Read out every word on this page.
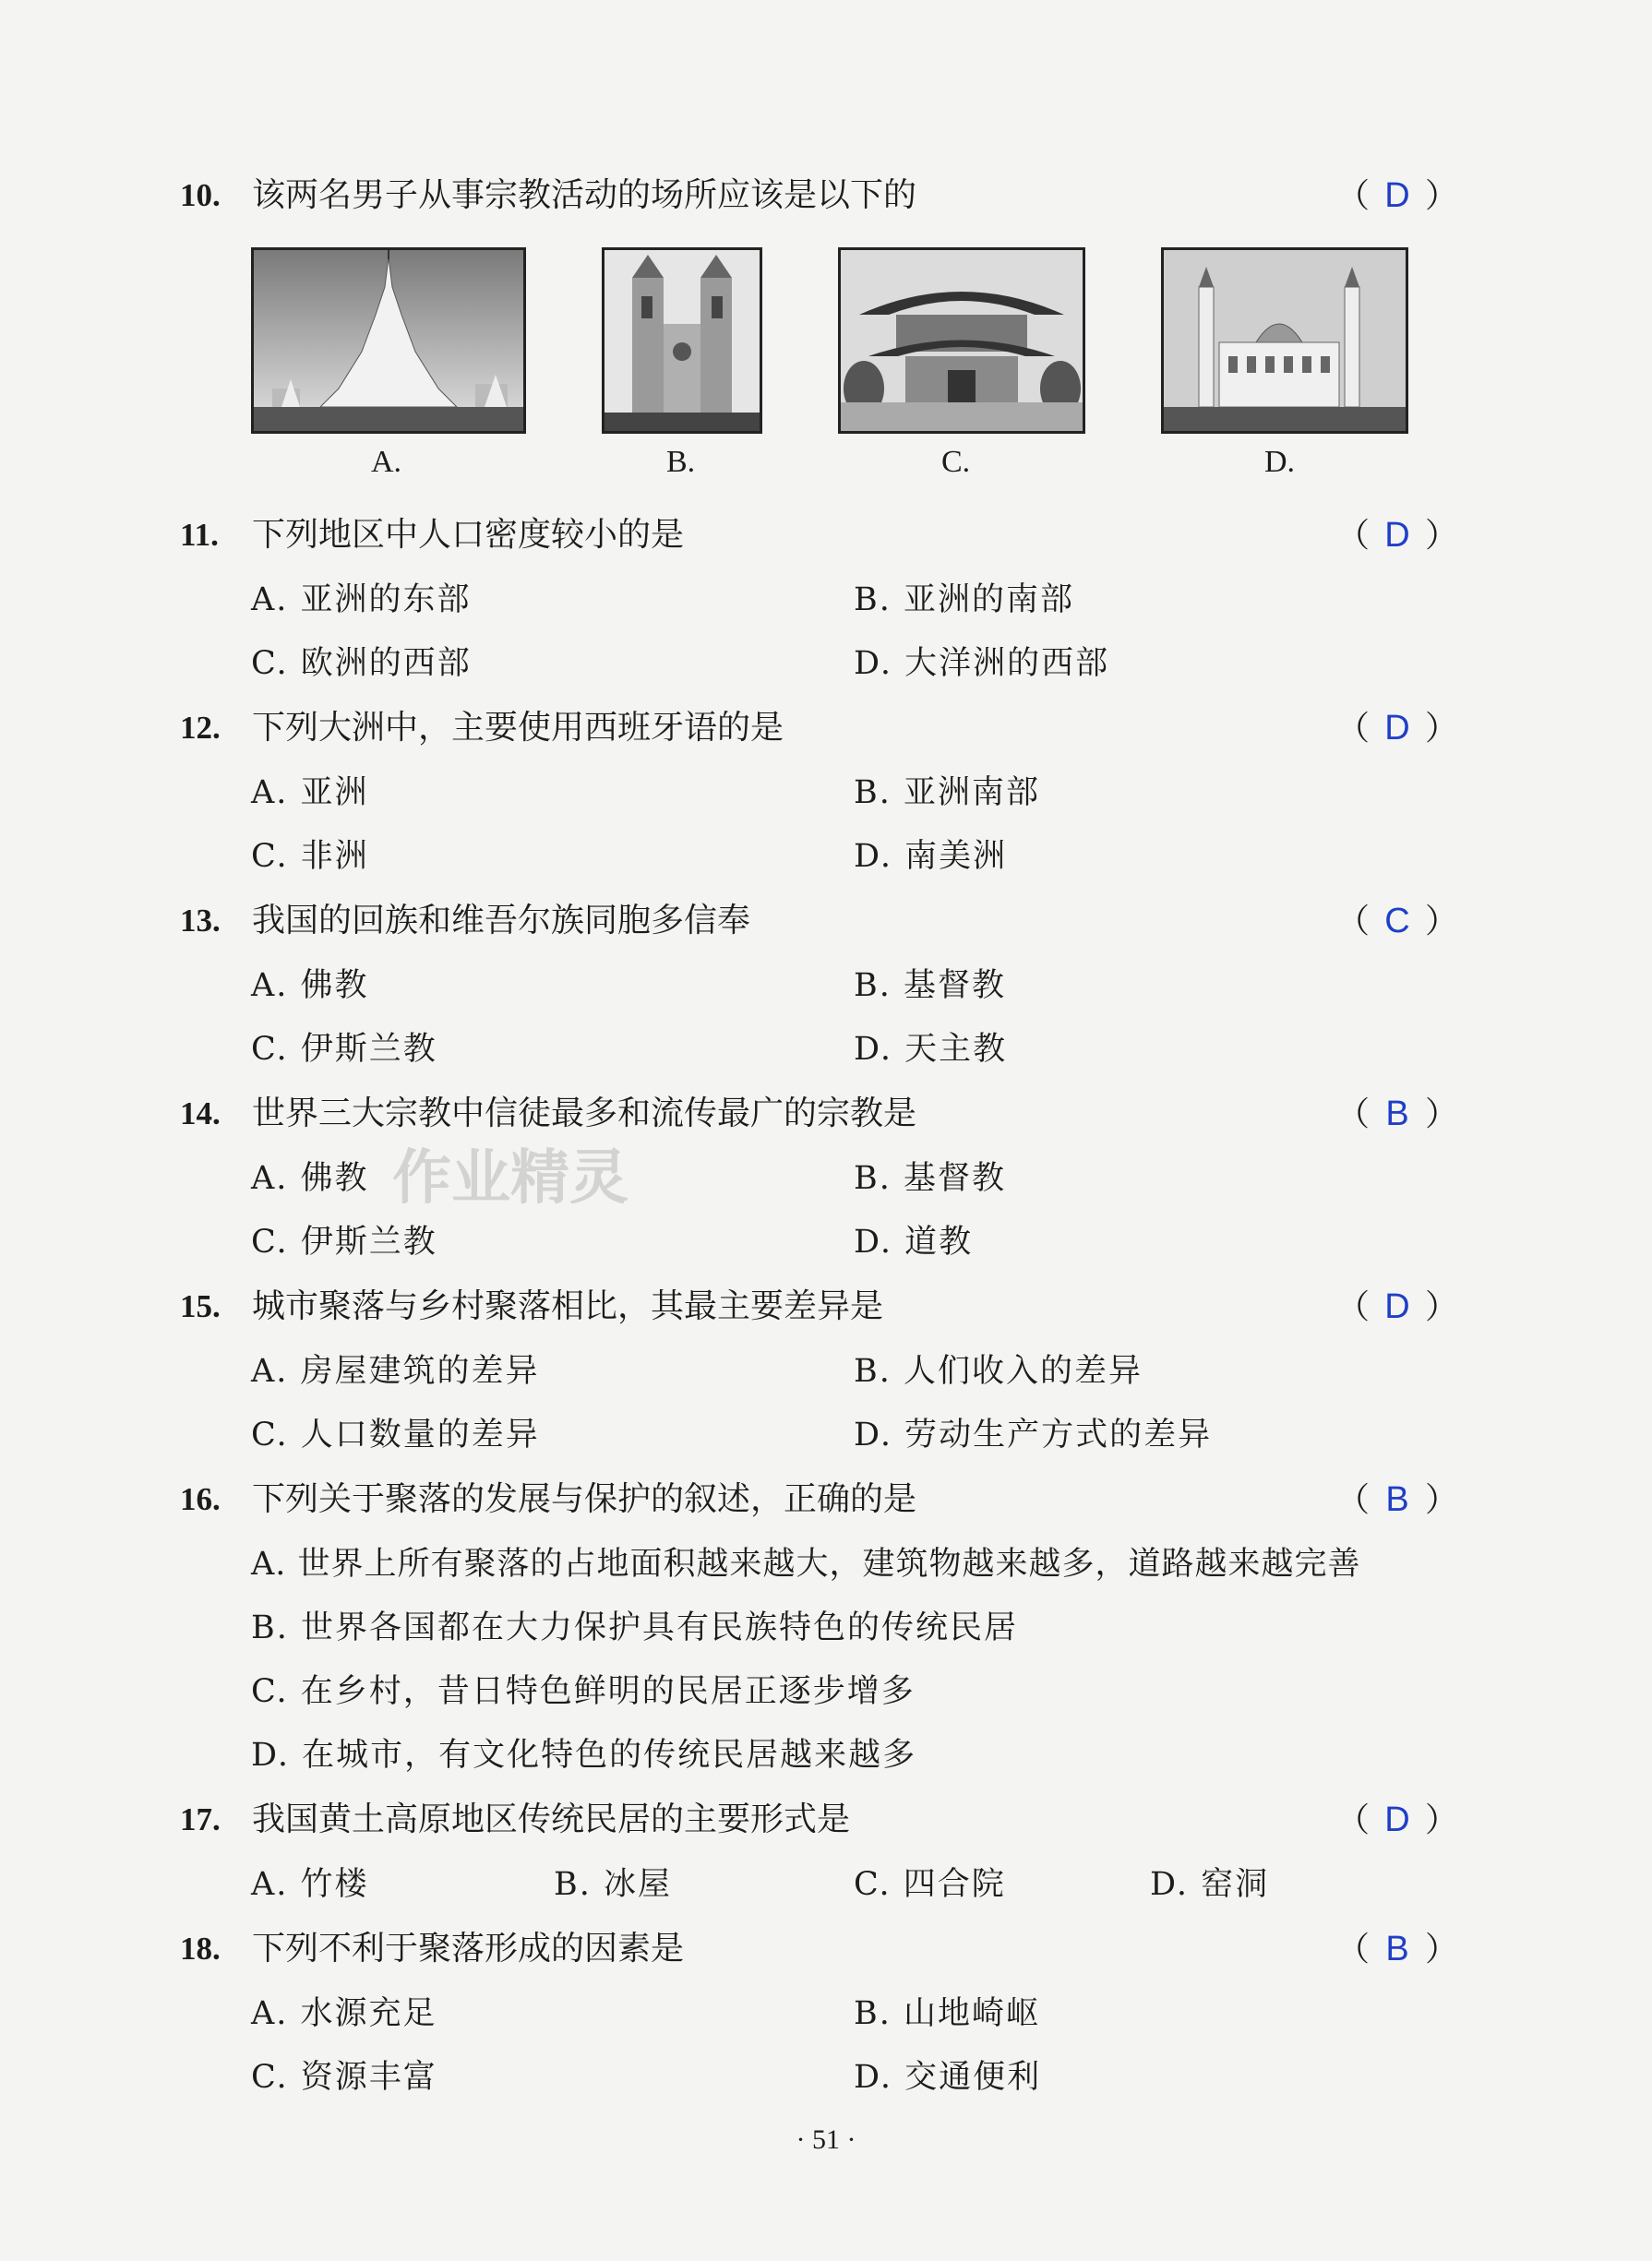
10. 该两名男子从事宗教活动的场所应该是以下的	（ D ）
A.	B.	C.	D.
11. 下列地区中人口密度较小的是	（ D ）
A. 亚洲的东部	B. 亚洲的南部
C. 欧洲的西部	D. 大洋洲的西部
12. 下列大洲中，主要使用西班牙语的是	（ D ）
A. 亚洲	B. 亚洲南部
C. 非洲	D. 南美洲
13. 我国的回族和维吾尔族同胞多信奉	（ C ）
A. 佛教	B. 基督教
C. 伊斯兰教	D. 天主教
14. 世界三大宗教中信徒最多和流传最广的宗教是	（ B ）
A. 佛教	B. 基督教
C. 伊斯兰教	D. 道教
作业精灵
15. 城市聚落与乡村聚落相比，其最主要差异是	（ D ）
A. 房屋建筑的差异	B. 人们收入的差异
C. 人口数量的差异	D. 劳动生产方式的差异
16. 下列关于聚落的发展与保护的叙述，正确的是	（ B ）
A. 世界上所有聚落的占地面积越来越大，建筑物越来越多，道路越来越完善
B. 世界各国都在大力保护具有民族特色的传统民居
C. 在乡村，昔日特色鲜明的民居正逐步增多
D. 在城市，有文化特色的传统民居越来越多
17. 我国黄土高原地区传统民居的主要形式是	（ D ）
A. 竹楼	B. 冰屋	C. 四合院	D. 窑洞
18. 下列不利于聚落形成的因素是	（ B ）
A. 水源充足	B. 山地崎岖
C. 资源丰富	D. 交通便利
· 51 ·
